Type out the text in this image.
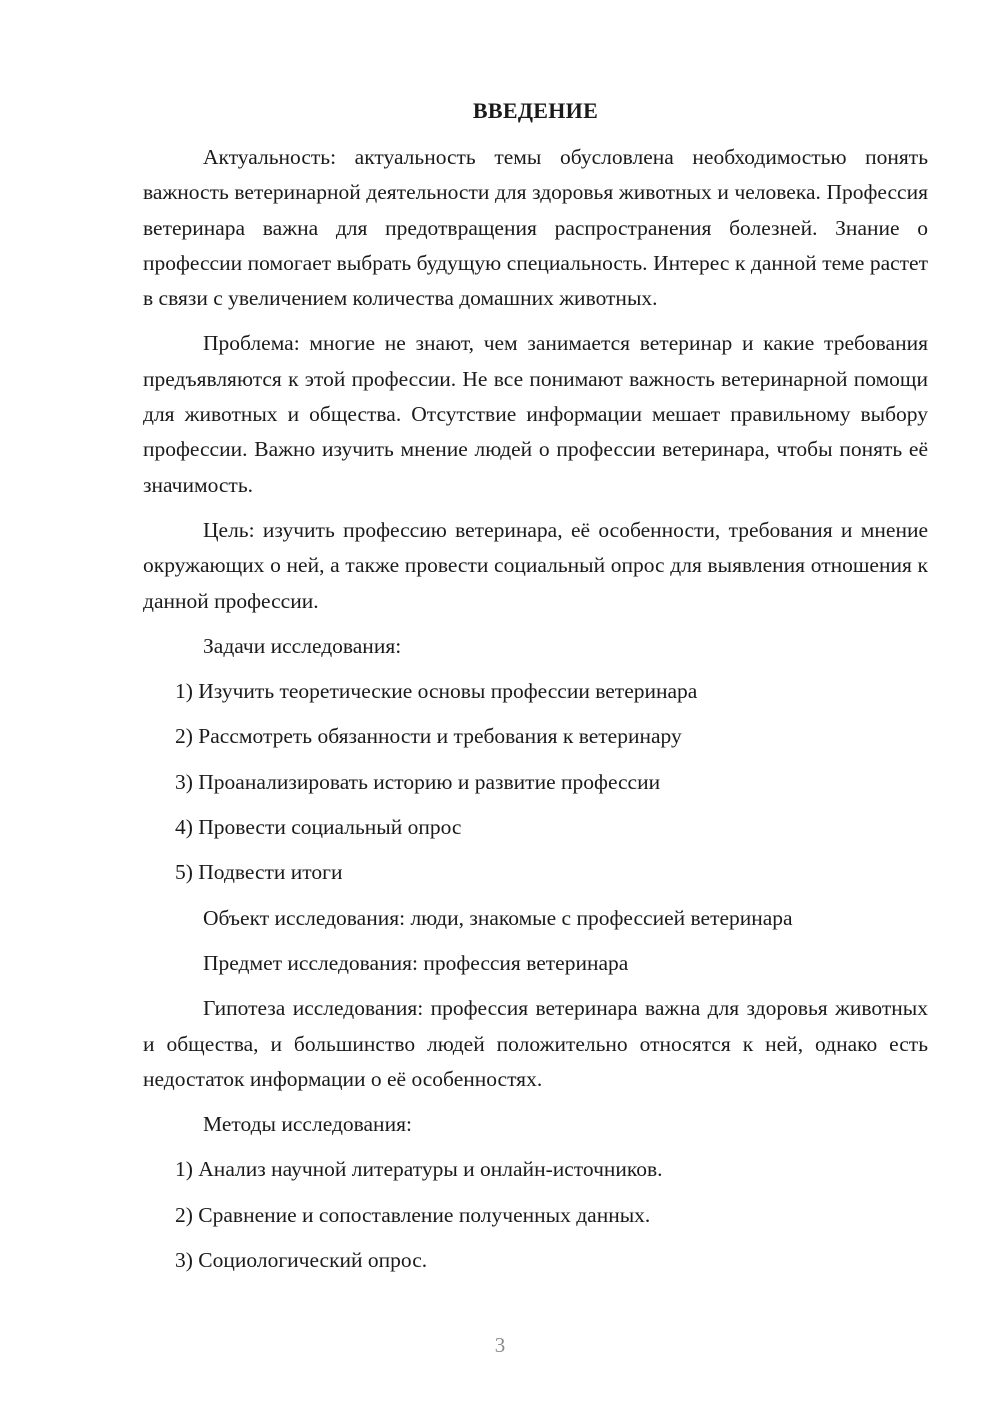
ВВЕДЕНИЕ

Актуальность: актуальность темы обусловлена необходимостью понять важность ветеринарной деятельности для здоровья животных и человека. Профессия ветеринара важна для предотвращения распространения болезней. Знание о профессии помогает выбрать будущую специальность. Интерес к данной теме растет в связи с увеличением количества домашних животных.

Проблема: многие не знают, чем занимается ветеринар и какие требования предъявляются к этой профессии. Не все понимают важность ветеринарной помощи для животных и общества. Отсутствие информации мешает правильному выбору профессии. Важно изучить мнение людей о профессии ветеринара, чтобы понять её значимость.

Цель: изучить профессию ветеринара, её особенности, требования и мнение окружающих о ней, а также провести социальный опрос для выявления отношения к данной профессии.

Задачи исследования:
1) Изучить теоретические основы профессии ветеринара
2) Рассмотреть обязанности и требования к ветеринару
3) Проанализировать историю и развитие профессии
4) Провести социальный опрос
5) Подвести итоги
Объект исследования: люди, знакомые с профессией ветеринара
Предмет исследования: профессия ветеринара

Гипотеза исследования: профессия ветеринара важна для здоровья животных и общества, и большинство людей положительно относятся к ней, однако есть недостаток информации о её особенностях.

Методы исследования:
1) Анализ научной литературы и онлайн-источников.
2) Сравнение и сопоставление полученных данных.
3) Социологический опрос.
3
